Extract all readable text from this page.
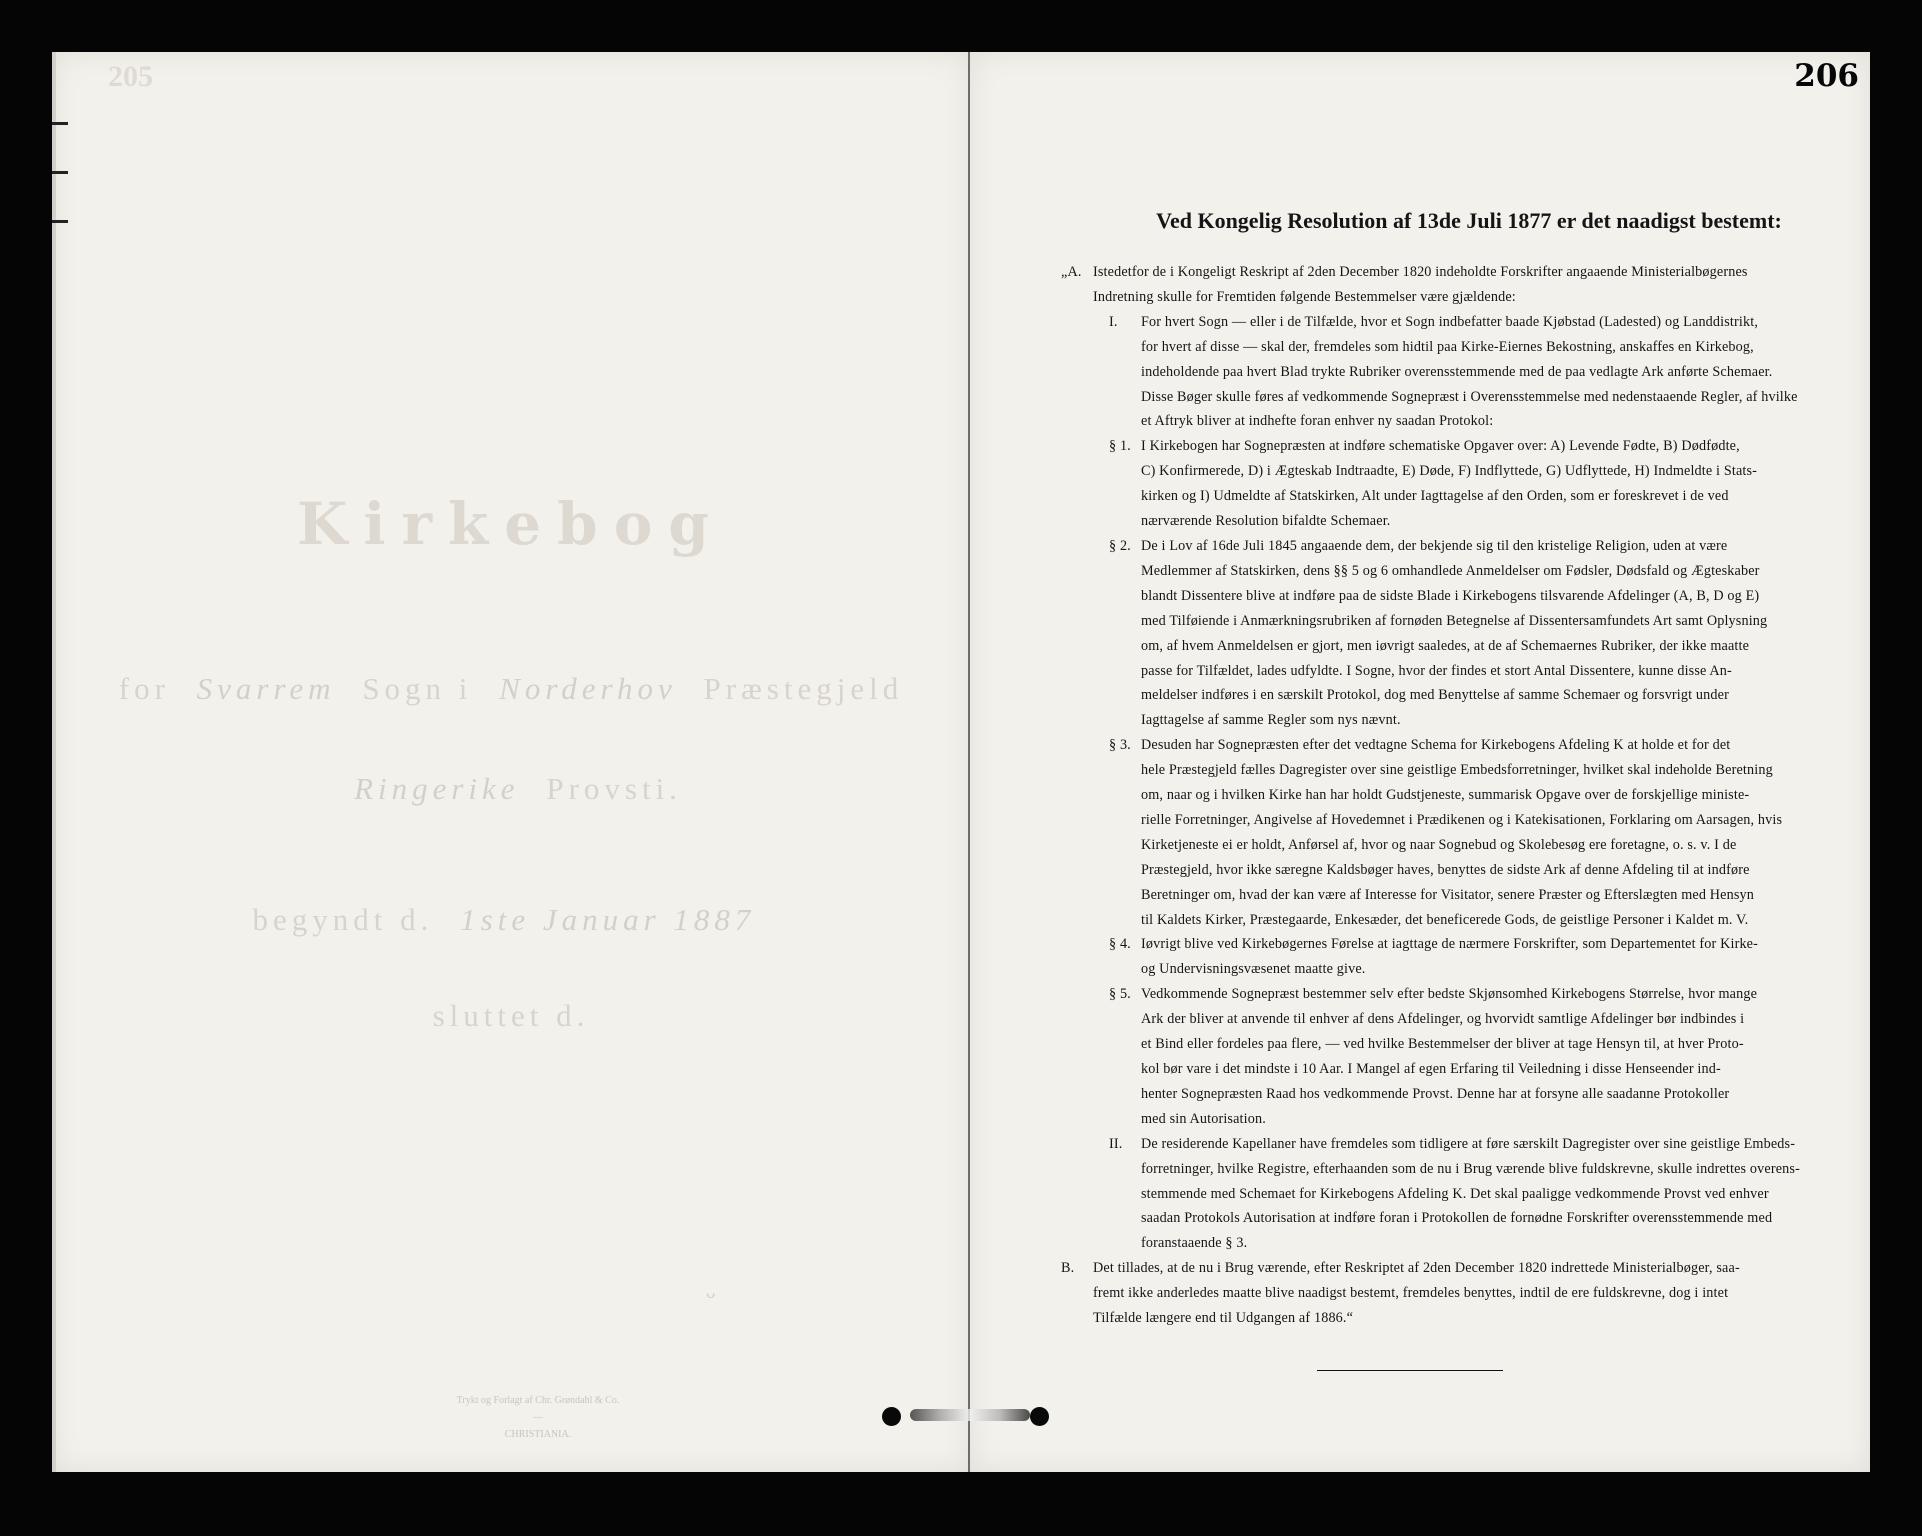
205
Kirkebog
for Svarrem Sogn i Norderhov Præstegjeld
Ringerike Provsti.
begyndt d. 1ste Januar 1887
sluttet d.
ᴗ
Trykt og Forlagt af Chr. Grøndahl & Co.
—
CHRISTIANIA.
206
Ved Kongelig Resolution af 13de Juli 1877 er det naadigst bestemt:

„A. Istedetfor de i Kongeligt Reskript af 2den December 1820 indeholdte Forskrifter angaaende Ministerialbøgernes

Indretning skulle for Fremtiden følgende Bestemmelser være gjældende:

I. For hvert Sogn — eller i de Tilfælde, hvor et Sogn indbefatter baade Kjøbstad (Ladested) og Landdistrikt,

for hvert af disse — skal der, fremdeles som hidtil paa Kirke-Eiernes Bekostning, anskaffes en Kirkebog,

indeholdende paa hvert Blad trykte Rubriker overensstemmende med de paa vedlagte Ark anførte Schemaer.

Disse Bøger skulle føres af vedkommende Sognepræst i Overensstemmelse med nedenstaaende Regler, af hvilke

et Aftryk bliver at indhefte foran enhver ny saadan Protokol:

§ 1. I Kirkebogen har Sognepræsten at indføre schematiske Opgaver over: A) Levende Fødte, B) Dødfødte,

C) Konfirmerede, D) i Ægteskab Indtraadte, E) Døde, F) Indflyttede, G) Udflyttede, H) Indmeldte i Stats-

kirken og I) Udmeldte af Statskirken, Alt under Iagttagelse af den Orden, som er foreskrevet i de ved

nærværende Resolution bifaldte Schemaer.

§ 2. De i Lov af 16de Juli 1845 angaaende dem, der bekjende sig til den kristelige Religion, uden at være

Medlemmer af Statskirken, dens §§ 5 og 6 omhandlede Anmeldelser om Fødsler, Dødsfald og Ægteskaber

blandt Dissentere blive at indføre paa de sidste Blade i Kirkebogens tilsvarende Afdelinger (A, B, D og E)

med Tilføiende i Anmærkningsrubriken af fornøden Betegnelse af Dissentersamfundets Art samt Oplysning

om, af hvem Anmeldelsen er gjort, men iøvrigt saaledes, at de af Schemaernes Rubriker, der ikke maatte

passe for Tilfældet, lades udfyldte. I Sogne, hvor der findes et stort Antal Dissentere, kunne disse An-

meldelser indføres i en særskilt Protokol, dog med Benyttelse af samme Schemaer og forsvrigt under

Iagttagelse af samme Regler som nys nævnt.

§ 3. Desuden har Sognepræsten efter det vedtagne Schema for Kirkebogens Afdeling K at holde et for det

hele Præstegjeld fælles Dagregister over sine geistlige Embedsforretninger, hvilket skal indeholde Beretning

om, naar og i hvilken Kirke han har holdt Gudstjeneste, summarisk Opgave over de forskjellige ministe-

rielle Forretninger, Angivelse af Hovedemnet i Prædikenen og i Katekisationen, Forklaring om Aarsagen, hvis

Kirketjeneste ei er holdt, Anførsel af, hvor og naar Sognebud og Skolebesøg ere foretagne, o. s. v. I de

Præstegjeld, hvor ikke særegne Kaldsbøger haves, benyttes de sidste Ark af denne Afdeling til at indføre

Beretninger om, hvad der kan være af Interesse for Visitator, senere Præster og Efterslægten med Hensyn

til Kaldets Kirker, Præstegaarde, Enkesæder, det beneficerede Gods, de geistlige Personer i Kaldet m. V.

§ 4. Iøvrigt blive ved Kirkebøgernes Førelse at iagttage de nærmere Forskrifter, som Departementet for Kirke-

og Undervisningsvæsenet maatte give.

§ 5. Vedkommende Sognepræst bestemmer selv efter bedste Skjønsomhed Kirkebogens Størrelse, hvor mange

Ark der bliver at anvende til enhver af dens Afdelinger, og hvorvidt samtlige Afdelinger bør indbindes i

et Bind eller fordeles paa flere, — ved hvilke Bestemmelser der bliver at tage Hensyn til, at hver Proto-

kol bør vare i det mindste i 10 Aar. I Mangel af egen Erfaring til Veiledning i disse Henseender ind-

henter Sognepræsten Raad hos vedkommende Provst. Denne har at forsyne alle saadanne Protokoller

med sin Autorisation.

II. De residerende Kapellaner have fremdeles som tidligere at føre særskilt Dagregister over sine geistlige Embeds-

forretninger, hvilke Registre, efterhaanden som de nu i Brug værende blive fuldskrevne, skulle indrettes overens-

stemmende med Schemaet for Kirkebogens Afdeling K. Det skal paaligge vedkommende Provst ved enhver

saadan Protokols Autorisation at indføre foran i Protokollen de fornødne Forskrifter overensstemmende med

foranstaaende § 3.

B. Det tillades, at de nu i Brug værende, efter Reskriptet af 2den December 1820 indrettede Ministerialbøger, saa-

fremt ikke anderledes maatte blive naadigst bestemt, fremdeles benyttes, indtil de ere fuldskrevne, dog i intet

Tilfælde længere end til Udgangen af 1886.“
